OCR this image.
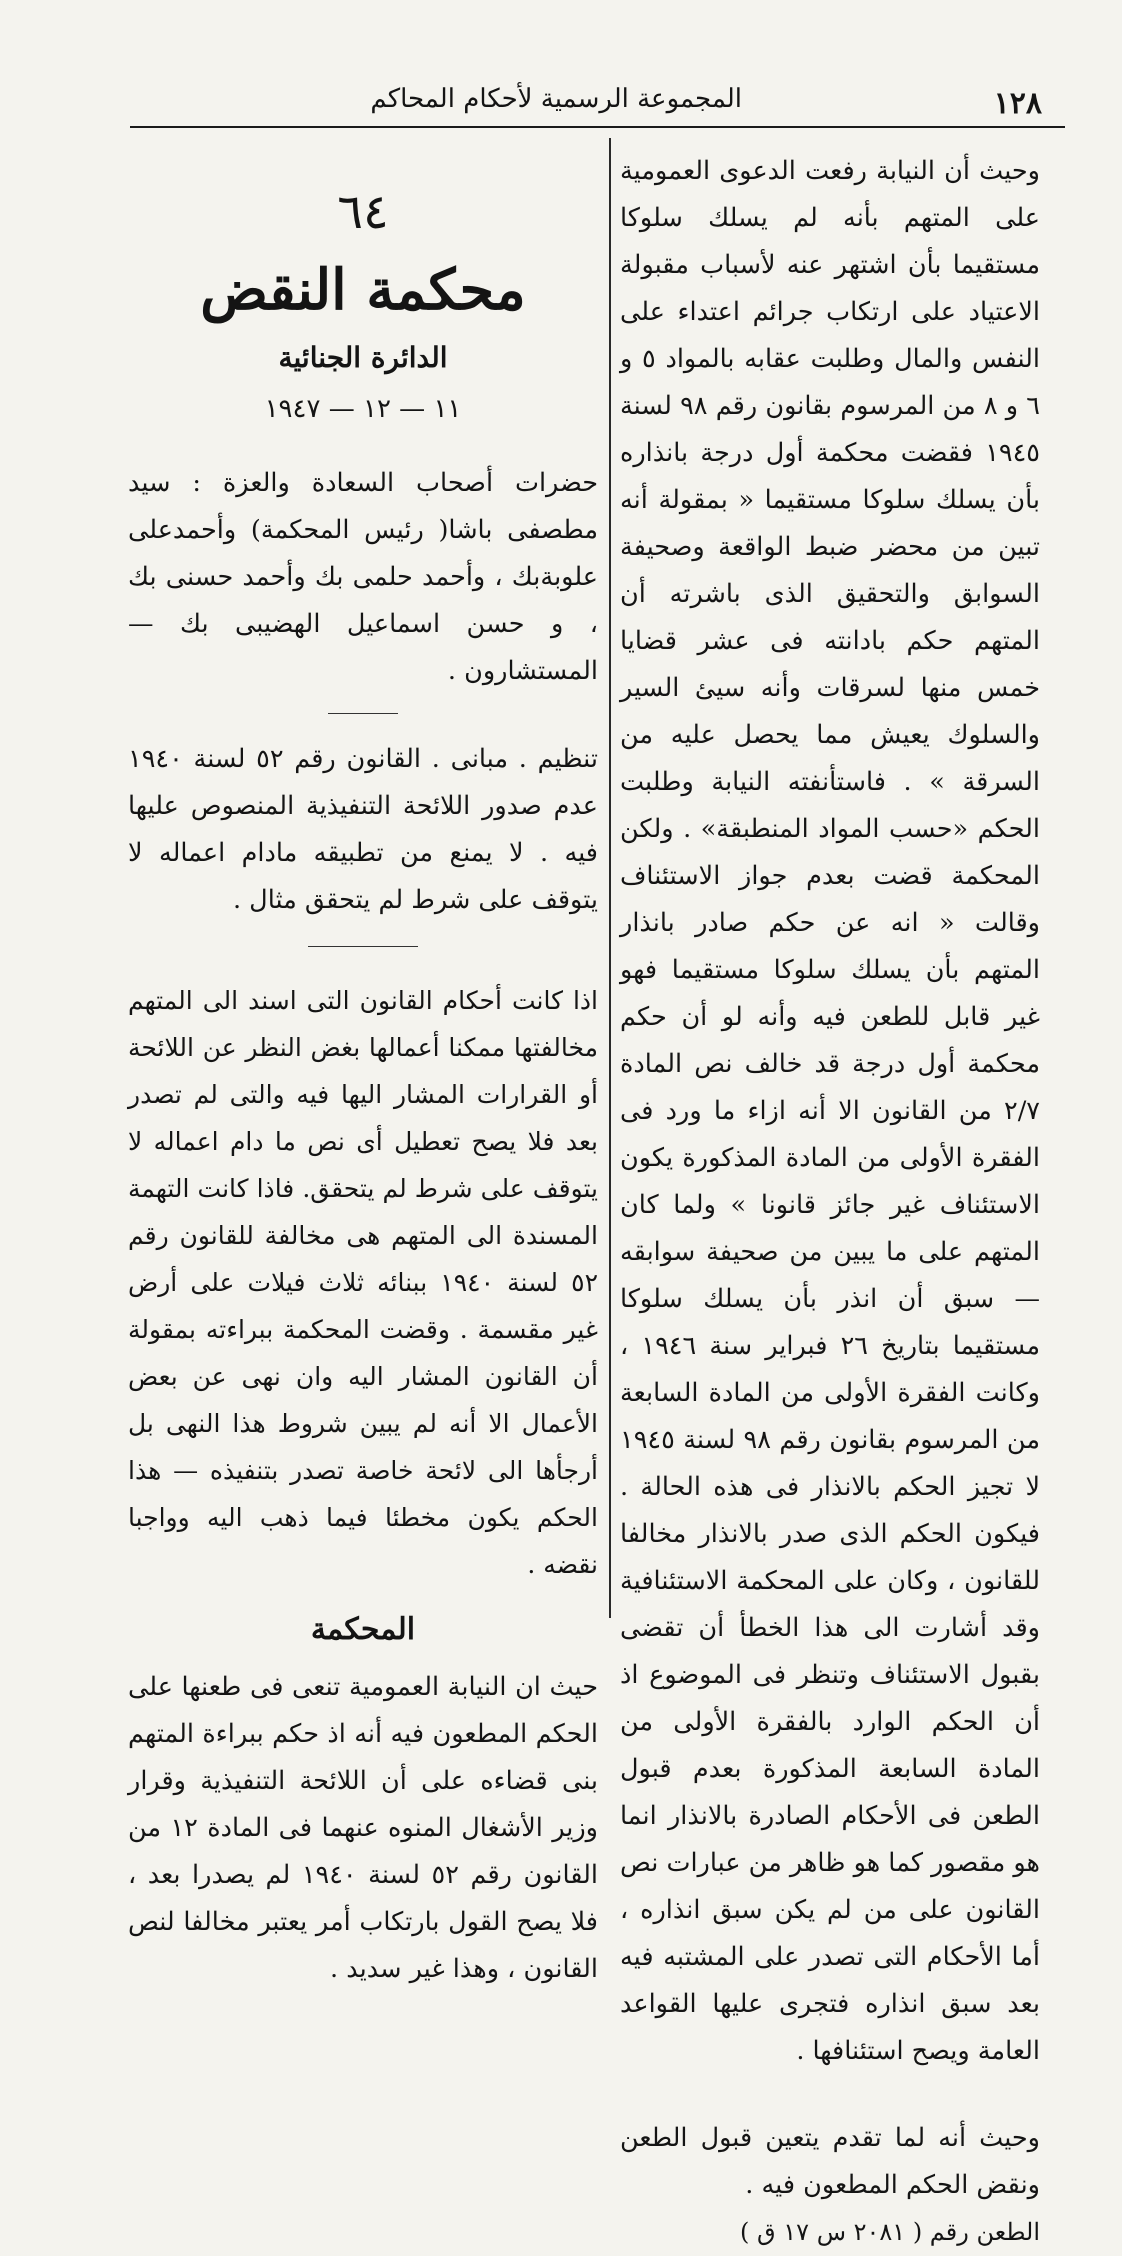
١٢٨
المجموعة الرسمية لأحكام المحاكم

وحيث أن النيابة رفعت الدعوى العمومية على المتهم بأنه لم يسلك سلوكا مستقيما بأن اشتهر عنه لأسباب مقبولة الاعتياد على ارتكاب جرائم اعتداء على النفس والمال وطلبت عقابه بالمواد ٥ و ٦ و ٨ من المرسوم بقانون رقم ٩٨ لسنة ١٩٤٥ فقضت محكمة أول درجة بانذاره بأن يسلك سلوكا مستقيما « بمقولة أنه تبين من محضر ضبط الواقعة وصحيفة السوابق والتحقيق الذى باشرته أن المتهم حكم بادانته فى عشر قضايا خمس منها لسرقات وأنه سيئ السير والسلوك يعيش مما يحصل عليه من السرقة » . فاستأنفته النيابة وطلبت الحكم «حسب المواد المنطبقة» . ولكن المحكمة قضت بعدم جواز الاستئناف وقالت « انه عن حكم صادر بانذار المتهم بأن يسلك سلوكا مستقيما فهو غير قابل للطعن فيه وأنه لو أن حكم محكمة أول درجة قد خالف نص المادة ٢/٧ من القانون الا أنه ازاء ما ورد فى الفقرة الأولى من المادة المذكورة يكون الاستئناف غير جائز قانونا » ولما كان المتهم على ما يبين من صحيفة سوابقه — سبق أن انذر بأن يسلك سلوكا مستقيما بتاريخ ٢٦ فبراير سنة ١٩٤٦ ، وكانت الفقرة الأولى من المادة السابعة من المرسوم بقانون رقم ٩٨ لسنة ١٩٤٥ لا تجيز الحكم بالانذار فى هذه الحالة . فيكون الحكم الذى صدر بالانذار مخالفا للقانون ، وكان على المحكمة الاستئنافية وقد أشارت الى هذا الخطأ أن تقضى بقبول الاستئناف وتنظر فى الموضوع اذ أن الحكم الوارد بالفقرة الأولى من المادة السابعة المذكورة بعدم قبول الطعن فى الأحكام الصادرة بالانذار انما هو مقصور كما هو ظاهر من عبارات نص القانون على من لم يكن سبق انذاره ، أما الأحكام التى تصدر على المشتبه فيه بعد سبق انذاره فتجرى عليها القواعد العامة ويصح استئنافها .

وحيث أنه لما تقدم يتعين قبول الطعن ونقض الحكم المطعون فيه .

الطعن رقم ( ٢٠٨١ س ١٧ ق )

٦٤
محكمة النقض
الدائرة الجنائية
١١ — ١٢ — ١٩٤٧

حضرات أصحاب السعادة والعزة : سيد مطصفى باشا( رئيس المحكمة) وأحمدعلى علوبةبك ، وأحمد حلمى بك وأحمد حسنى بك ، و حسن اسماعيل الهضيبى بك — المستشارون .

تنظيم . مبانى . القانون رقم ٥٢ لسنة ١٩٤٠ عدم صدور اللائحة التنفيذية المنصوص عليها فيه . لا يمنع من تطبيقه مادام اعماله لا يتوقف على شرط لم يتحقق مثال .

اذا كانت أحكام القانون التى اسند الى المتهم مخالفتها ممكنا أعمالها بغض النظر عن اللائحة أو القرارات المشار اليها فيه والتى لم تصدر بعد فلا يصح تعطيل أى نص ما دام اعماله لا يتوقف على شرط لم يتحقق. فاذا كانت التهمة المسندة الى المتهم هى مخالفة للقانون رقم ٥٢ لسنة ١٩٤٠ ببنائه ثلاث فيلات على أرض غير مقسمة . وقضت المحكمة ببراءته بمقولة أن القانون المشار اليه وان نهى عن بعض الأعمال الا أنه لم يبين شروط هذا النهى بل أرجأها الى لائحة خاصة تصدر بتنفيذه — هذا الحكم يكون مخطئا فيما ذهب اليه وواجبا نقضه .

المحكمة

حيث ان النيابة العمومية تنعى فى طعنها على الحكم المطعون فيه أنه اذ حكم ببراءة المتهم بنى قضاءه على أن اللائحة التنفيذية وقرار وزير الأشغال المنوه عنهما فى المادة ١٢ من القانون رقم ٥٢ لسنة ١٩٤٠ لم يصدرا بعد ، فلا يصح القول بارتكاب أمر يعتبر مخالفا لنص القانون ، وهذا غير سديد .
